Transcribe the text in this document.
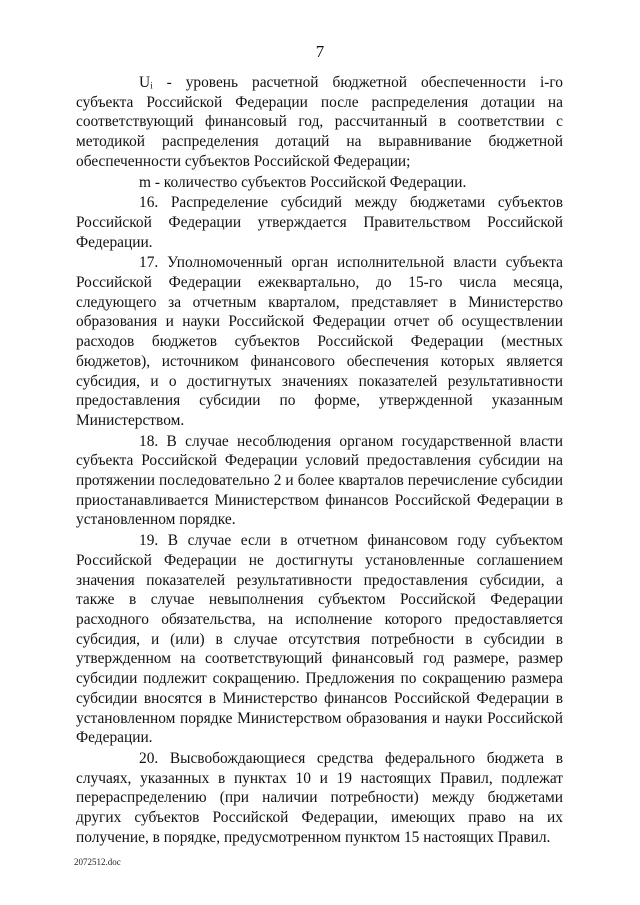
7

Uᵢ - уровень расчетной бюджетной обеспеченности i-го субъекта Российской Федерации после распределения дотации на соответствующий финансовый год, рассчитанный в соответствии с методикой распределения дотаций на выравнивание бюджетной обеспеченности субъектов Российской Федерации;

m - количество субъектов Российской Федерации.

16. Распределение субсидий между бюджетами субъектов Российской Федерации утверждается Правительством Российской Федерации.

17. Уполномоченный орган исполнительной власти субъекта Российской Федерации ежеквартально, до 15-го числа месяца, следующего за отчетным кварталом, представляет в Министерство образования и науки Российской Федерации отчет об осуществлении расходов бюджетов субъектов Российской Федерации (местных бюджетов), источником финансового обеспечения которых является субсидия, и о достигнутых значениях показателей результативности предоставления субсидии по форме, утвержденной указанным Министерством.

18. В случае несоблюдения органом государственной власти субъекта Российской Федерации условий предоставления субсидии на протяжении последовательно 2 и более кварталов перечисление субсидии приостанавливается Министерством финансов Российской Федерации в установленном порядке.

19. В случае если в отчетном финансовом году субъектом Российской Федерации не достигнуты установленные соглашением значения показателей результативности предоставления субсидии, а также в случае невыполнения субъектом Российской Федерации расходного обязательства, на исполнение которого предоставляется субсидия, и (или) в случае отсутствия потребности в субсидии в утвержденном на соответствующий финансовый год размере, размер субсидии подлежит сокращению. Предложения по сокращению размера субсидии вносятся в Министерство финансов Российской Федерации в установленном порядке Министерством образования и науки Российской Федерации.

20. Высвобождающиеся средства федерального бюджета в случаях, указанных в пунктах 10 и 19 настоящих Правил, подлежат перераспределению (при наличии потребности) между бюджетами других субъектов Российской Федерации, имеющих право на их получение, в порядке, предусмотренном пунктом 15 настоящих Правил.

2072512.doc
